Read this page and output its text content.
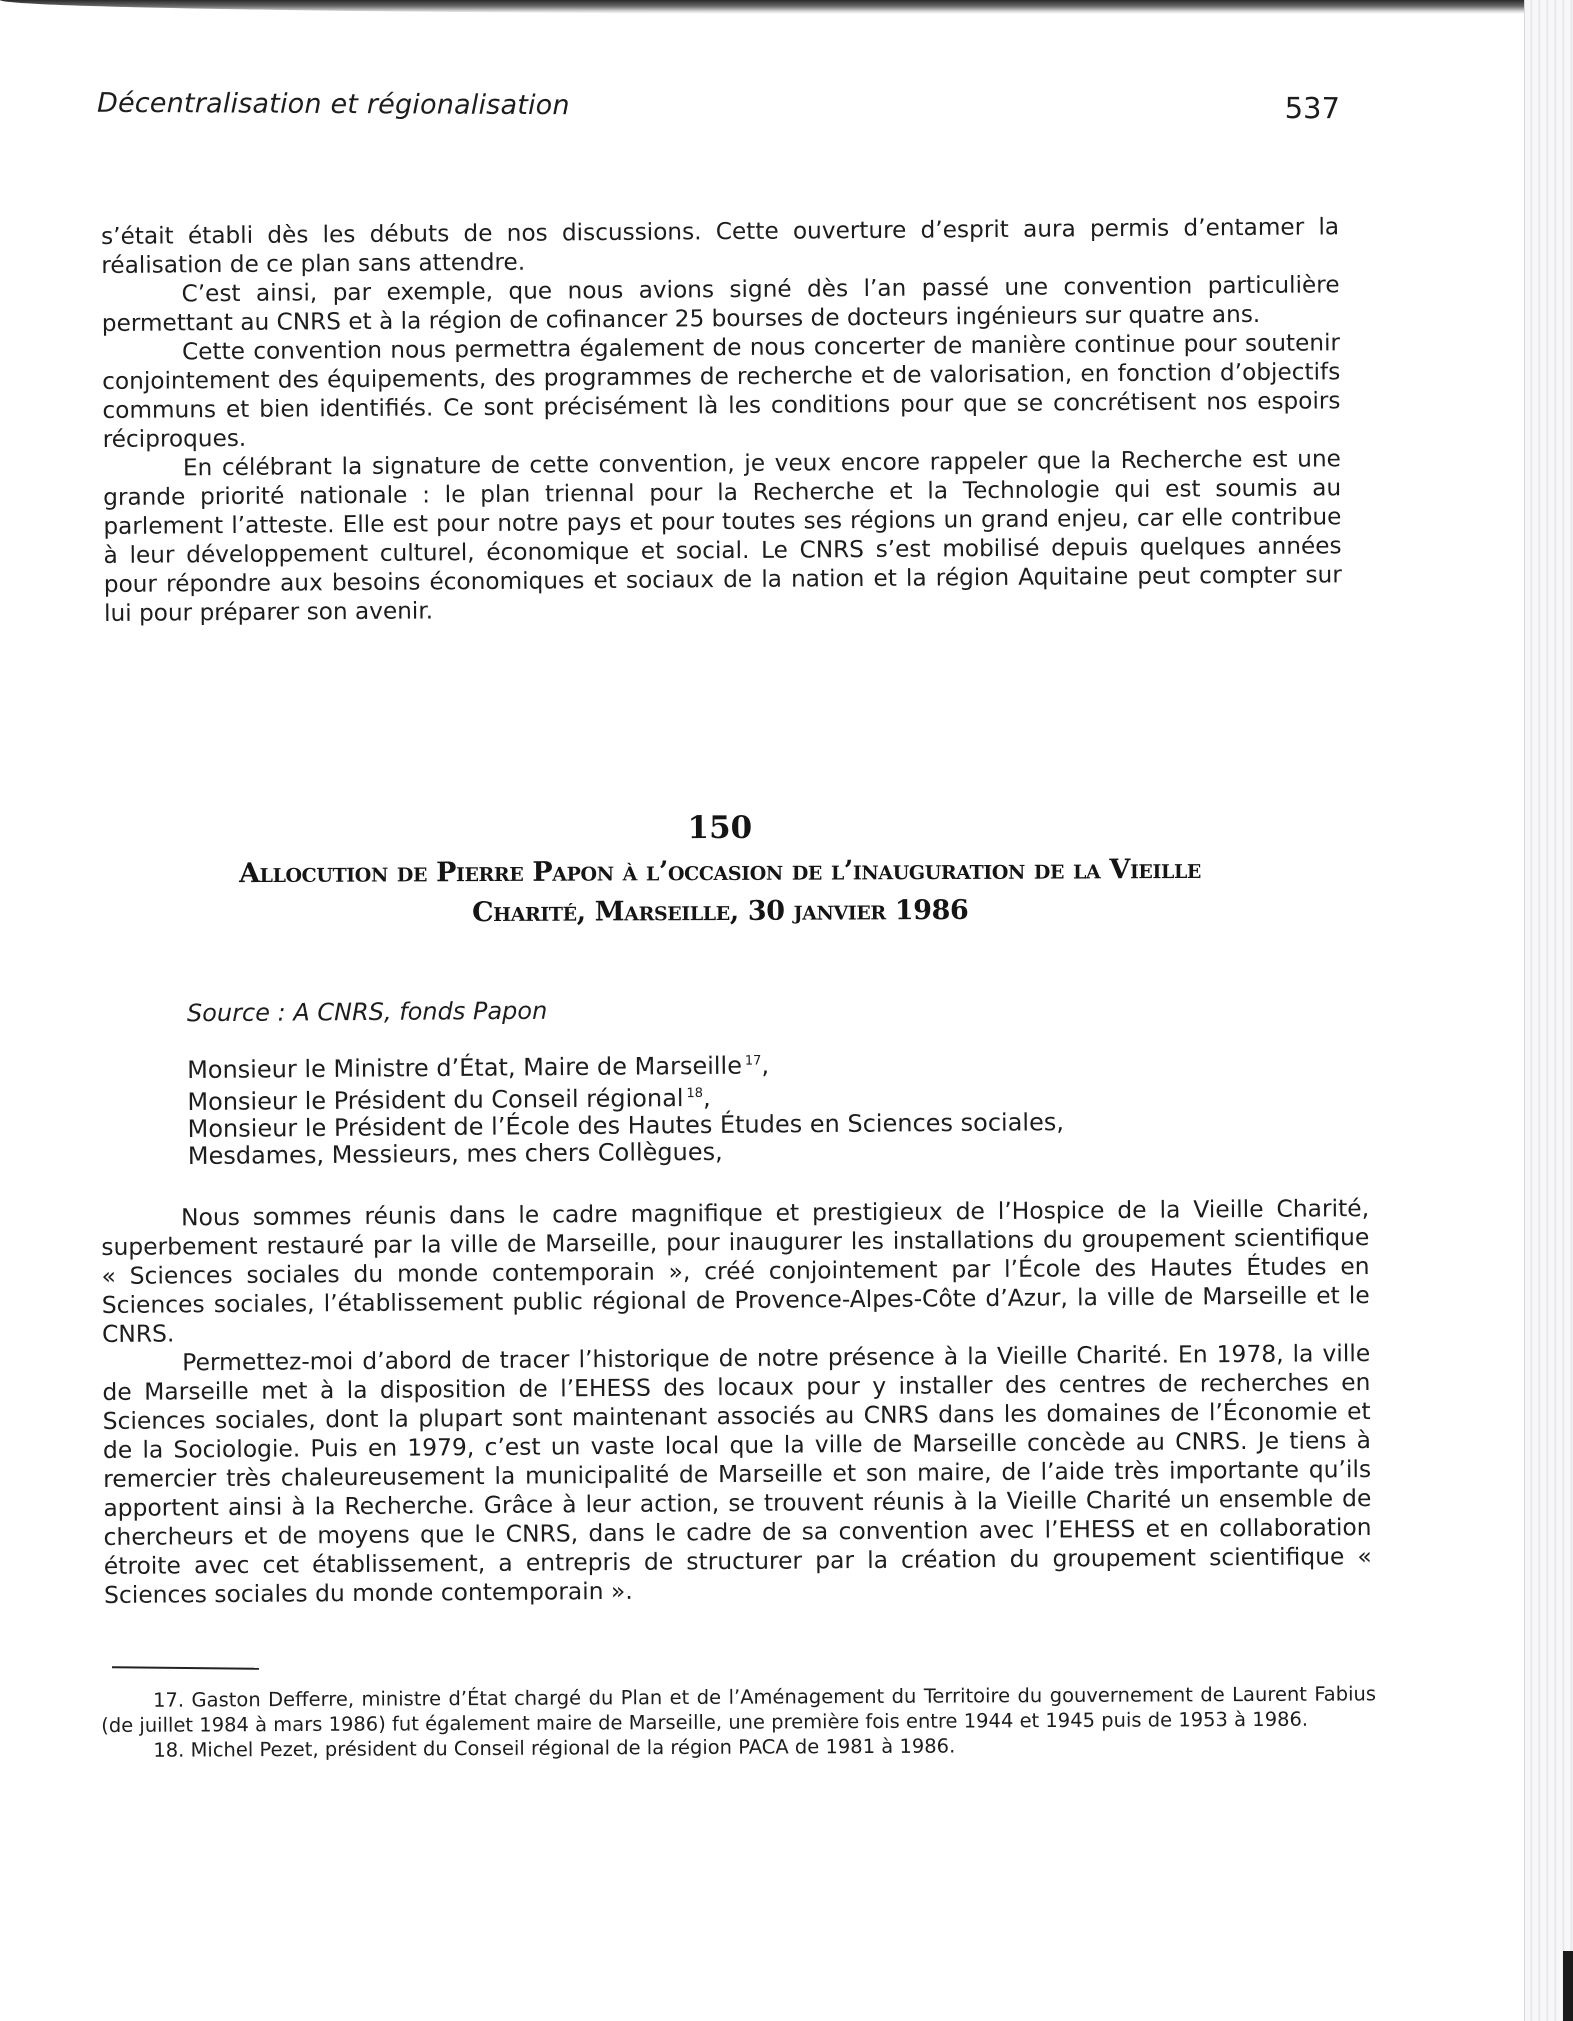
Décentralisation et régionalisation	537

s’était établi dès les débuts de nos discussions. Cette ouverture d’esprit aura permis d’entamer la réalisation de ce plan sans attendre.

C’est ainsi, par exemple, que nous avions signé dès l’an passé une convention particulière permettant au CNRS et à la région de cofinancer 25 bourses de docteurs ingénieurs sur quatre ans.

Cette convention nous permettra également de nous concerter de manière continue pour soutenir conjointement des équipements, des programmes de recherche et de valorisation, en fonction d’objectifs communs et bien identifiés. Ce sont précisément là les conditions pour que se concrétisent nos espoirs réciproques.

En célébrant la signature de cette convention, je veux encore rappeler que la Recherche est une grande priorité nationale : le plan triennal pour la Recherche et la Technologie qui est soumis au parlement l’atteste. Elle est pour notre pays et pour toutes ses régions un grand enjeu, car elle contribue à leur développement culturel, économique et social. Le CNRS s’est mobilisé depuis quelques années pour répondre aux besoins économiques et sociaux de la nation et la région Aquitaine peut compter sur lui pour préparer son avenir.

150
Allocution de Pierre Papon à l’occasion de l’inauguration de la Vieille
Charité, Marseille, 30 janvier 1986
Source : A CNRS, fonds Papon
Monsieur le Ministre d’État, Maire de Marseille $^{17}$,
Monsieur le Président du Conseil régional $^{18}$,
Monsieur le Président de l’École des Hautes Études en Sciences sociales,
Mesdames, Messieurs, mes chers Collègues,

Nous sommes réunis dans le cadre magnifique et prestigieux de l’Hospice de la Vieille Charité, superbement restauré par la ville de Marseille, pour inaugurer les installations du groupement scientifique « Sciences sociales du monde contemporain », créé conjointement par l’École des Hautes Études en Sciences sociales, l’établissement public régional de Provence-Alpes-Côte d’Azur, la ville de Marseille et le CNRS.

Permettez-moi d’abord de tracer l’historique de notre présence à la Vieille Charité. En 1978, la ville de Marseille met à la disposition de l’EHESS des locaux pour y installer des centres de recherches en Sciences sociales, dont la plupart sont maintenant associés au CNRS dans les domaines de l’Économie et de la Sociologie. Puis en 1979, c’est un vaste local que la ville de Marseille concède au CNRS. Je tiens à remercier très chaleureusement la municipalité de Marseille et son maire, de l’aide très importante qu’ils apportent ainsi à la Recherche. Grâce à leur action, se trouvent réunis à la Vieille Charité un ensemble de chercheurs et de moyens que le CNRS, dans le cadre de sa convention avec l’EHESS et en collaboration étroite avec cet établissement, a entrepris de structurer par la création du groupement scientifique « Sciences sociales du monde contemporain ».

17. Gaston Defferre, ministre d’État chargé du Plan et de l’Aménagement du Territoire du gouvernement de Laurent Fabius (de juillet 1984 à mars 1986) fut également maire de Marseille, une première fois entre 1944 et 1945 puis de 1953 à 1986.

18. Michel Pezet, président du Conseil régional de la région PACA de 1981 à 1986.
